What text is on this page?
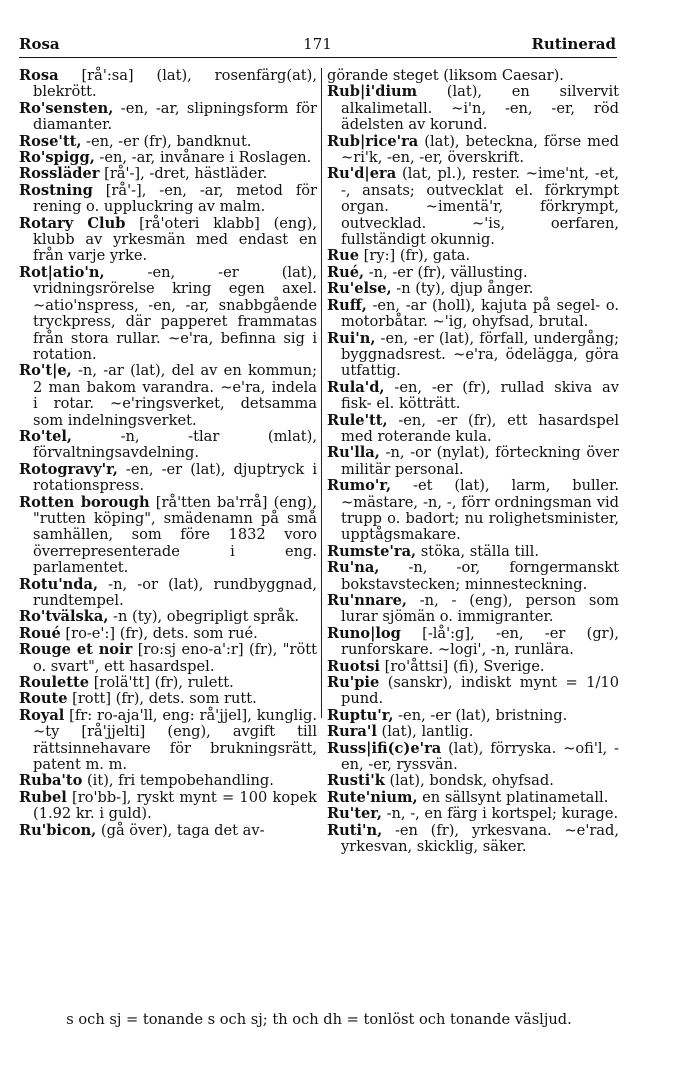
Rosa	171	Rutinerad

Rosa [rå':sa] (lat), rosenfärg(at), blekrött.

Ro'sensten, -en, -ar, slipningsform för diamanter.

Rose'tt, -en, -er (fr), bandknut.

Ro'spigg, -en, -ar, invånare i Roslagen.

Rossläder [rå'-], -dret, hästläder.

Rostning [rå'-], -en, -ar, metod för rening o. uppluckring av malm.

Rotary Club [rå'oteri klabb] (eng), klubb av yrkesmän med endast en från varje yrke.

Rot|atio'n, -en, -er (lat), vridningsrörelse kring egen axel. ~atio'nspress, -en, -ar, snabbgående tryckpress, där papperet frammatas från stora rullar. ~e'ra, befinna sig i rotation.

Ro't|e, -n, -ar (lat), del av en kommun; 2 man bakom varandra. ~e'ra, indela i rotar. ~e'ringsverket, detsamma som indelningsverket.

Ro'tel, -n, -tlar (mlat), förvaltningsavdelning.

Rotogravy'r, -en, -er (lat), djuptryck i rotationspress.

Rotten borough [rå'tten ba'rrå] (eng), "rutten köping", smädenamn på små samhällen, som före 1832 voro överrepresenterade i eng. parlamentet.

Rotu'nda, -n, -or (lat), rundbyggnad, rundtempel.

Ro'tvälska, -n (ty), obegripligt språk.

Roué [ro-e':] (fr), dets. som rué.

Rouge et noir [ro:sj eno-a':r] (fr), "rött o. svart", ett hasardspel.

Roulette [rolä'tt] (fr), rulett.

Route [rott] (fr), dets. som rutt.

Royal [fr: ro-aja'll, eng: rå'jjel], kunglig. ~ty [rå'jjelti] (eng), avgift till rättsinnehavare för brukningsrätt, patent m. m.

Ruba'to (it), fri tempobehandling.

Rubel [ro'bb-], ryskt mynt = 100 kopek (1.92 kr. i guld).

Ru'bicon, (gå över), taga det av-

görande steget (liksom Caesar).

Rub|i'dium (lat), en silvervit alkalimetall. ~i'n, -en, -er, röd ädelsten av korund.

Rub|rice'ra (lat), beteckna, förse med ~ri'k, -en, -er, överskrift.

Ru'd|era (lat, pl.), rester. ~ime'nt, -et, -, ansats; outvecklat el. förkrympt organ. ~imentä'r, förkrympt, outvecklad. ~'is, oerfaren, fullständigt okunnig.

Rue [ry:] (fr), gata.

Rué, -n, -er (fr), vällusting.

Ru'else, -n (ty), djup ånger.

Ruff, -en, -ar (holl), kajuta på segel- o. motorbåtar. ~'ig, ohyfsad, brutal.

Rui'n, -en, -er (lat), förfall, undergång; byggnadsrest. ~e'ra, ödelägga, göra utfattig.

Rula'd, -en, -er (fr), rullad skiva av fisk- el. kötträtt.

Rule'tt, -en, -er (fr), ett hasardspel med roterande kula.

Ru'lla, -n, -or (nylat), förteckning över militär personal.

Rumo'r, -et (lat), larm, buller. ~mästare, -n, -, förr ordningsman vid trupp o. badort; nu rolighetsminister, upptågsmakare.

Rumste'ra, stöka, ställa till.

Ru'na, -n, -or, forngermanskt bokstavstecken; minnesteckning.

Ru'nnare, -n, - (eng), person som lurar sjömän o. immigranter.

Runo|log [-lå':g], -en, -er (gr), runforskare. ~logi', -n, runlära.

Ruotsi [ro'åttsi] (fi), Sverige.

Ru'pie (sanskr), indiskt mynt = 1/10 pund.

Ruptu'r, -en, -er (lat), bristning.

Rura'l (lat), lantlig.

Russ|ifi(c)e'ra (lat), förryska. ~ofi'l, -en, -er, ryssvän.

Rusti'k (lat), bondsk, ohyfsad.

Rute'nium, en sällsynt platinametall.

Ru'ter, -n, -, en färg i kortspel; kurage.

Ruti'n, -en (fr), yrkesvana. ~e'rad, yrkesvan, skicklig, säker.

s och sj = tonande s och sj; th och dh = tonlöst och tonande väsljud.
